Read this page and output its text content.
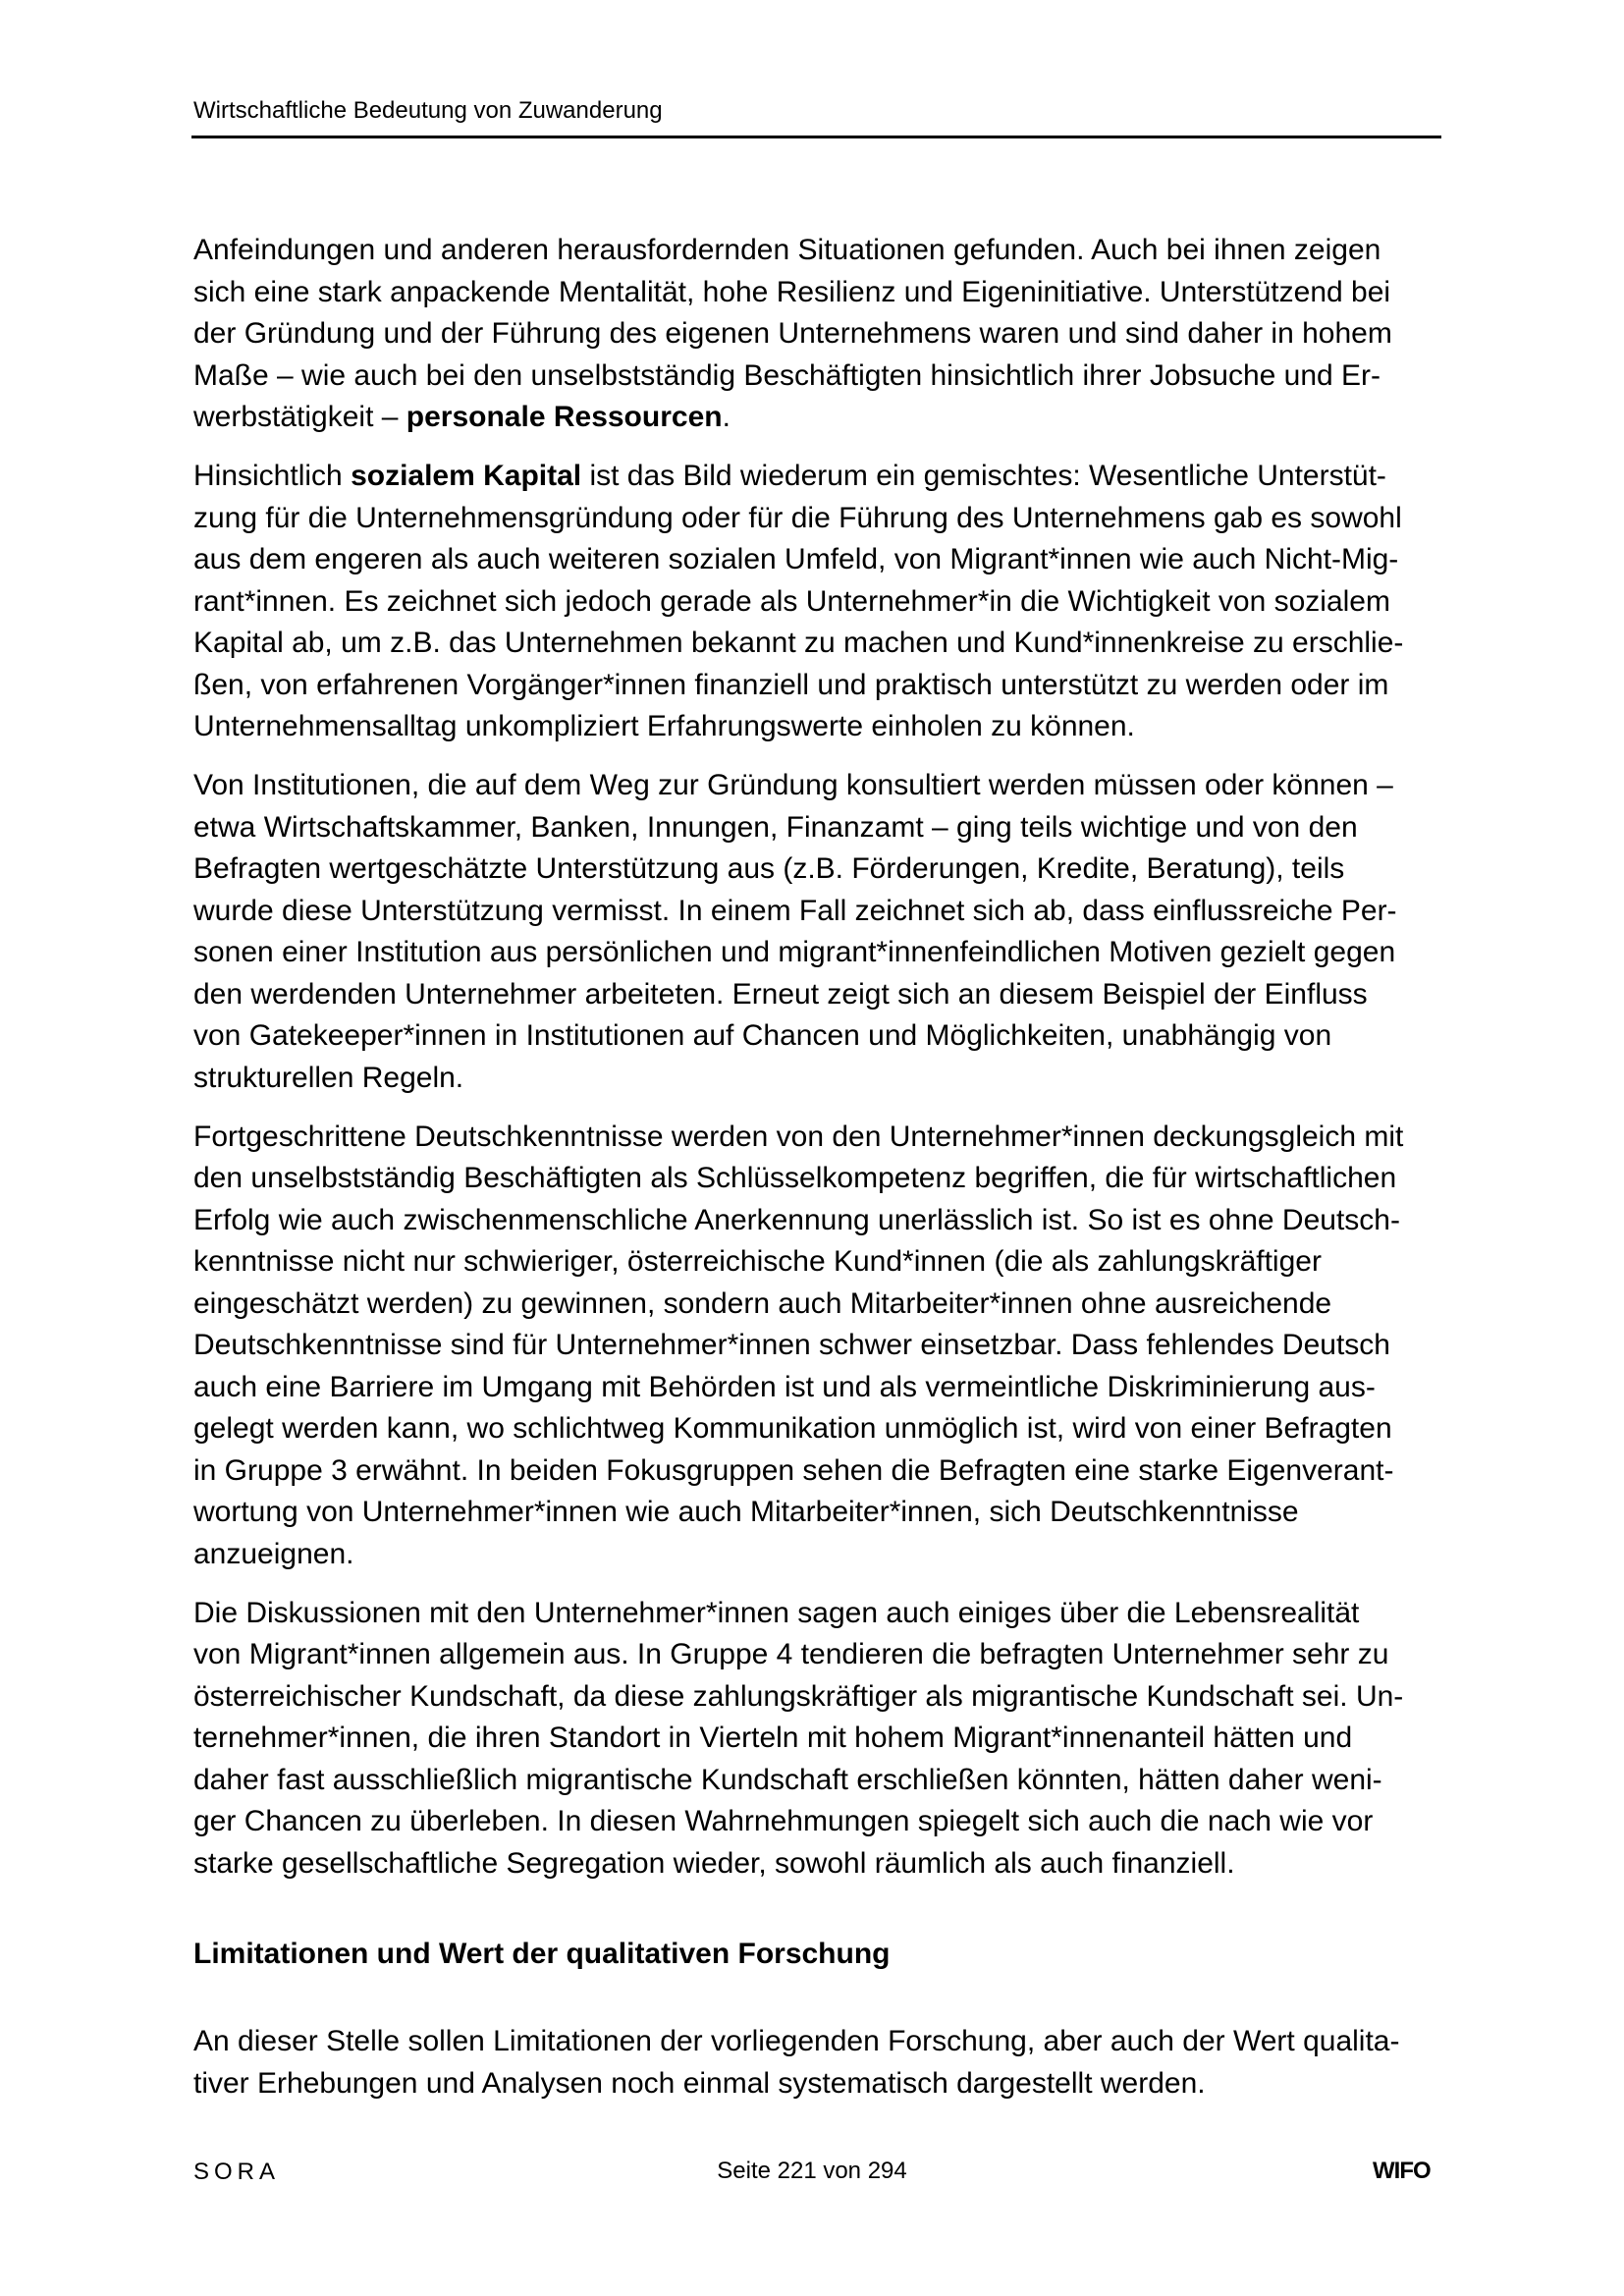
Wirtschaftliche Bedeutung von Zuwanderung
Anfeindungen und anderen herausfordernden Situationen gefunden. Auch bei ihnen zeigen
sich eine stark anpackende Mentalität, hohe Resilienz und Eigeninitiative. Unterstützend bei
der Gründung und der Führung des eigenen Unternehmens waren und sind daher in hohem
Maße – wie auch bei den unselbstständig Beschäftigten hinsichtlich ihrer Jobsuche und Er-
werbstätigkeit – personale Ressourcen.
Hinsichtlich sozialem Kapital ist das Bild wiederum ein gemischtes: Wesentliche Unterstüt-
zung für die Unternehmensgründung oder für die Führung des Unternehmens gab es sowohl
aus dem engeren als auch weiteren sozialen Umfeld, von Migrant*innen wie auch Nicht-Mig-
rant*innen. Es zeichnet sich jedoch gerade als Unternehmer*in die Wichtigkeit von sozialem
Kapital ab, um z.B. das Unternehmen bekannt zu machen und Kund*innenkreise zu erschlie-
ßen, von erfahrenen Vorgänger*innen finanziell und praktisch unterstützt zu werden oder im
Unternehmensalltag unkompliziert Erfahrungswerte einholen zu können.
Von Institutionen, die auf dem Weg zur Gründung konsultiert werden müssen oder können –
etwa Wirtschaftskammer, Banken, Innungen, Finanzamt – ging teils wichtige und von den
Befragten wertgeschätzte Unterstützung aus (z.B. Förderungen, Kredite, Beratung), teils
wurde diese Unterstützung vermisst. In einem Fall zeichnet sich ab, dass einflussreiche Per-
sonen einer Institution aus persönlichen und migrant*innenfeindlichen Motiven gezielt gegen
den werdenden Unternehmer arbeiteten. Erneut zeigt sich an diesem Beispiel der Einfluss
von Gatekeeper*innen in Institutionen auf Chancen und Möglichkeiten, unabhängig von
strukturellen Regeln.
Fortgeschrittene Deutschkenntnisse werden von den Unternehmer*innen deckungsgleich mit
den unselbstständig Beschäftigten als Schlüsselkompetenz begriffen, die für wirtschaftlichen
Erfolg wie auch zwischenmenschliche Anerkennung unerlässlich ist. So ist es ohne Deutsch-
kenntnisse nicht nur schwieriger, österreichische Kund*innen (die als zahlungskräftiger
eingeschätzt werden) zu gewinnen, sondern auch Mitarbeiter*innen ohne ausreichende
Deutschkenntnisse sind für Unternehmer*innen schwer einsetzbar. Dass fehlendes Deutsch
auch eine Barriere im Umgang mit Behörden ist und als vermeintliche Diskriminierung aus-
gelegt werden kann, wo schlichtweg Kommunikation unmöglich ist, wird von einer Befragten
in Gruppe 3 erwähnt. In beiden Fokusgruppen sehen die Befragten eine starke Eigenverant-
wortung von Unternehmer*innen wie auch Mitarbeiter*innen, sich Deutschkenntnisse
anzueignen.
Die Diskussionen mit den Unternehmer*innen sagen auch einiges über die Lebensrealität
von Migrant*innen allgemein aus. In Gruppe 4 tendieren die befragten Unternehmer sehr zu
österreichischer Kundschaft, da diese zahlungskräftiger als migrantische Kundschaft sei. Un-
ternehmer*innen, die ihren Standort in Vierteln mit hohem Migrant*innenanteil hätten und
daher fast ausschließlich migrantische Kundschaft erschließen könnten, hätten daher weni-
ger Chancen zu überleben. In diesen Wahrnehmungen spiegelt sich auch die nach wie vor
starke gesellschaftliche Segregation wieder, sowohl räumlich als auch finanziell.
Limitationen und Wert der qualitativen Forschung
An dieser Stelle sollen Limitationen der vorliegenden Forschung, aber auch der Wert qualita-
tiver Erhebungen und Analysen noch einmal systematisch dargestellt werden.
SORA	Seite 221 von 294	WIFO
